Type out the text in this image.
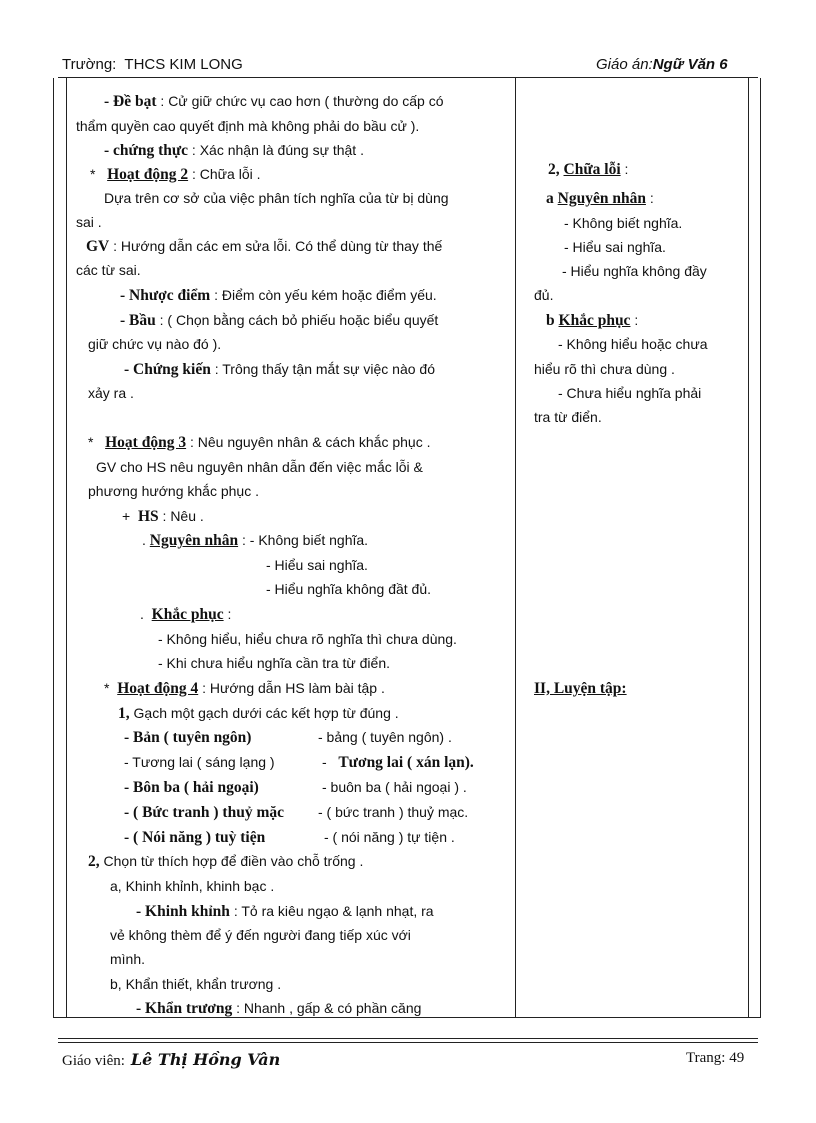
Trường: THCS KIM LONG	Giáo án:Ngữ Văn 6
- Đề bạt : Cử giữ chức vụ cao hơn ( thường do cấp có
thẩm quyền cao quyết định mà không phải do bầu cử ).
- chứng thực : Xác nhận là đúng sự thật .
* Hoạt động 2 : Chữa lỗi .
Dựa trên cơ sở của việc phân tích nghĩa của từ bị dùng
sai .
GV : Hướng dẫn các em sửa lỗi. Có thể dùng từ thay thế
các từ sai.
- Nhược điểm : Điểm còn yếu kém hoặc điểm yếu.
- Bầu : ( Chọn bằng cách bỏ phiếu hoặc biểu quyết
giữ chức vụ nào đó ).
- Chứng kiến : Trông thấy tận mắt sự việc nào đó
xảy ra .
* Hoạt động 3 : Nêu nguyên nhân & cách khắc phục .
GV cho HS nêu nguyên nhân dẫn đến việc mắc lỗi &
phương hướng khắc phục .
+ HS : Nêu .
. Nguyên nhân : - Không biết nghĩa.
- Hiểu sai nghĩa.
- Hiểu nghĩa không đầt đủ.
. Khắc phục :
- Không hiểu, hiểu chưa rõ nghĩa thì chưa dùng.
- Khi chưa hiểu nghĩa cần tra từ điển.
* Hoạt động 4 : Hướng dẫn HS làm bài tập .
1, Gạch một gạch dưới các kết hợp từ đúng .
- Bản ( tuyên ngôn)	- bảng ( tuyên ngôn) .
- Tương lai ( sáng lạng )	- Tương lai ( xán lạn).
- Bôn ba ( hải ngoại)	- buôn ba ( hải ngoại ) .
- ( Bức tranh ) thuỷ mặc - ( bức tranh ) thuỷ mạc.
- ( Nói năng ) tuỳ tiện	- ( nói năng ) tự tiện .
2, Chọn từ thích hợp để điền vào chỗ trống .
a, Khinh khỉnh, khinh bạc .
- Khinh khỉnh : Tỏ ra kiêu ngạo & lạnh nhạt, ra
vẻ không thèm để ý đến người đang tiếp xúc với
mình.
b, Khẩn thiết, khẩn trương .
- Khẩn trương : Nhanh , gấp & có phần căng
2, Chữa lỗi :
a Nguyên nhân :
- Không biết nghĩa.
- Hiểu sai nghĩa.
- Hiểu nghĩa không đầy
đủ.
b Khắc phục :
- Không hiểu hoặc chưa
hiểu rõ thì chưa dùng .
- Chưa hiểu nghĩa phải
tra từ điển.
II, Luyện tập:
Giáo viên: Lê Thị Hồng Vân	Trang: 49
